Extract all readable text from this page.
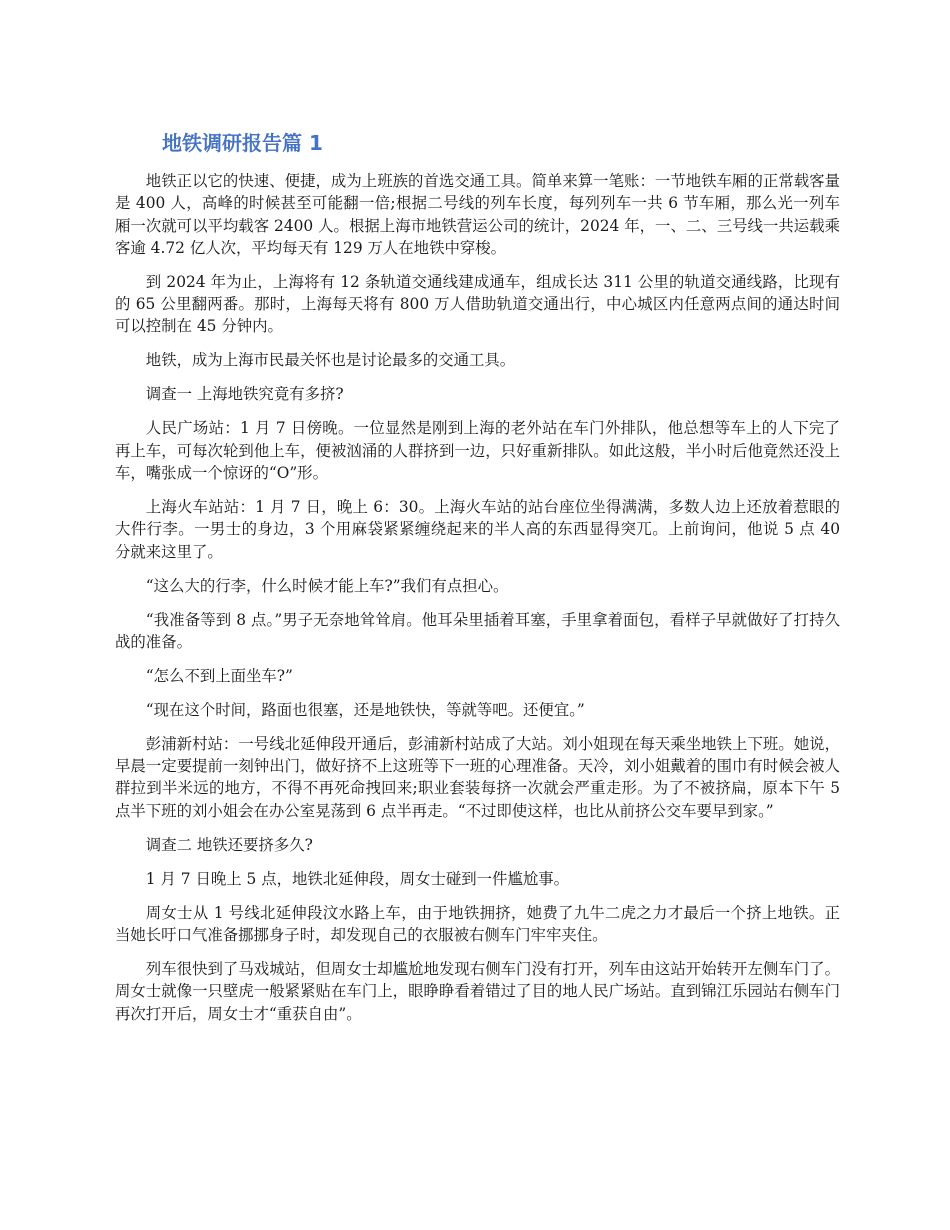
地铁调研报告篇 1

地铁正以它的快速、便捷，成为上班族的首选交通工具。简单来算一笔账：一节地铁车厢的正常载客量是 400 人，高峰的时候甚至可能翻一倍;根据二号线的列车长度，每列列车一共 6 节车厢，那么光一列车厢一次就可以平均载客 2400 人。根据上海市地铁营运公司的统计，2024 年，一、二、三号线一共运载乘客逾 4.72 亿人次，平均每天有 129 万人在地铁中穿梭。

到 2024 年为止，上海将有 12 条轨道交通线建成通车，组成长达 311 公里的轨道交通线路，比现有的 65 公里翻两番。那时，上海每天将有 800 万人借助轨道交通出行，中心城区内任意两点间的通达时间可以控制在 45 分钟内。

地铁，成为上海市民最关怀也是讨论最多的交通工具。

调查一 上海地铁究竟有多挤?

人民广场站：1 月 7 日傍晚。一位显然是刚到上海的老外站在车门外排队，他总想等车上的人下完了再上车，可每次轮到他上车，便被汹涌的人群挤到一边，只好重新排队。如此这般，半小时后他竟然还没上车，嘴张成一个惊讶的“O”形。

上海火车站站：1 月 7 日，晚上 6：30。上海火车站的站台座位坐得满满，多数人边上还放着惹眼的大件行李。一男士的身边，3 个用麻袋紧紧缠绕起来的半人高的东西显得突兀。上前询问，他说 5 点 40 分就来这里了。

“这么大的行李，什么时候才能上车?”我们有点担心。

“我准备等到 8 点。”男子无奈地耸耸肩。他耳朵里插着耳塞，手里拿着面包，看样子早就做好了打持久战的准备。

“怎么不到上面坐车?”

“现在这个时间，路面也很塞，还是地铁快，等就等吧。还便宜。”

彭浦新村站：一号线北延伸段开通后，彭浦新村站成了大站。刘小姐现在每天乘坐地铁上下班。她说，早晨一定要提前一刻钟出门，做好挤不上这班等下一班的心理准备。天冷，刘小姐戴着的围巾有时候会被人群拉到半米远的地方，不得不再死命拽回来;职业套装每挤一次就会严重走形。为了不被挤扁，原本下午 5 点半下班的刘小姐会在办公室晃荡到 6 点半再走。“不过即使这样，也比从前挤公交车要早到家。”

调查二 地铁还要挤多久?

1 月 7 日晚上 5 点，地铁北延伸段，周女士碰到一件尴尬事。

周女士从 1 号线北延伸段汶水路上车，由于地铁拥挤，她费了九牛二虎之力才最后一个挤上地铁。正当她长吁口气准备挪挪身子时，却发现自己的衣服被右侧车门牢牢夹住。

列车很快到了马戏城站，但周女士却尴尬地发现右侧车门没有打开，列车由这站开始转开左侧车门了。周女士就像一只壁虎一般紧紧贴在车门上，眼睁睁看着错过了目的地人民广场站。直到锦江乐园站右侧车门再次打开后，周女士才“重获自由”。
